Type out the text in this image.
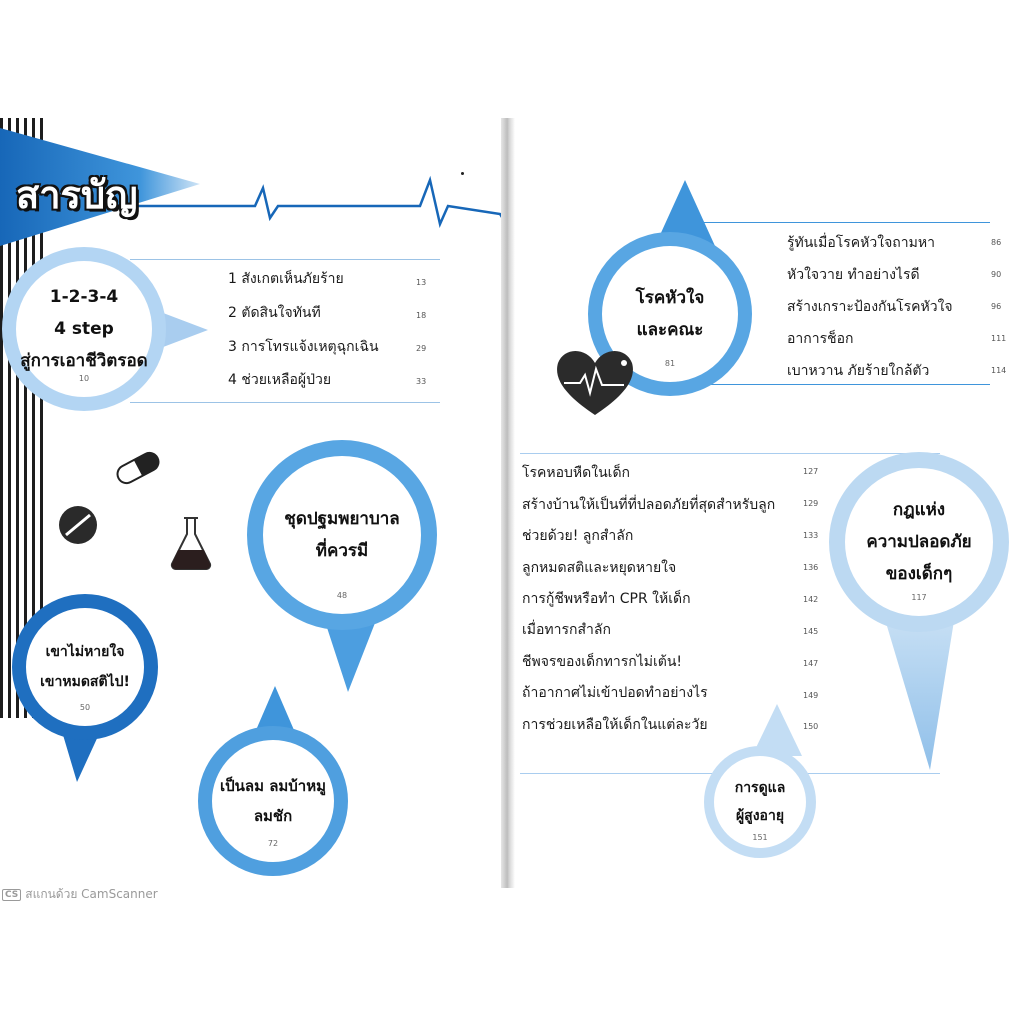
สารบัญ
1-2-3-4
4 step
สู่การเอาชีวิตรอด
10
1 สังเกตเห็นภัยร้าย	13
2 ตัดสินใจทันที	18
3 การโทรแจ้งเหตุฉุกเฉิน	29
4 ช่วยเหลือผู้ป่วย	33
ชุดปฐมพยาบาล
ที่ควรมี
48
เขาไม่หายใจ
เขาหมดสติไป!
50
เป็นลม ลมบ้าหมู
ลมชัก
72
โรคหัวใจ
และคณะ
81
รู้ทันเมื่อโรคหัวใจถามหา	86
หัวใจวาย ทำอย่างไรดี	90
สร้างเกราะป้องกันโรคหัวใจ	96
อาการช็อก	111
เบาหวาน ภัยร้ายใกล้ตัว	114
กฎแห่ง
ความปลอดภัย
ของเด็กๆ
117
โรคหอบหืดในเด็ก	127
สร้างบ้านให้เป็นที่ที่ปลอดภัยที่สุดสำหรับลูก	129
ช่วยด้วย! ลูกสำลัก	133
ลูกหมดสติและหยุดหายใจ	136
การกู้ชีพหรือทำ CPR ให้เด็ก	142
เมื่อทารกสำลัก	145
ชีพจรของเด็กทารกไม่เต้น!	147
ถ้าอากาศไม่เข้าปอดทำอย่างไร	149
การช่วยเหลือให้เด็กในแต่ละวัย	150
การดูแล
ผู้สูงอายุ
151
CS สแกนด้วย CamScanner
